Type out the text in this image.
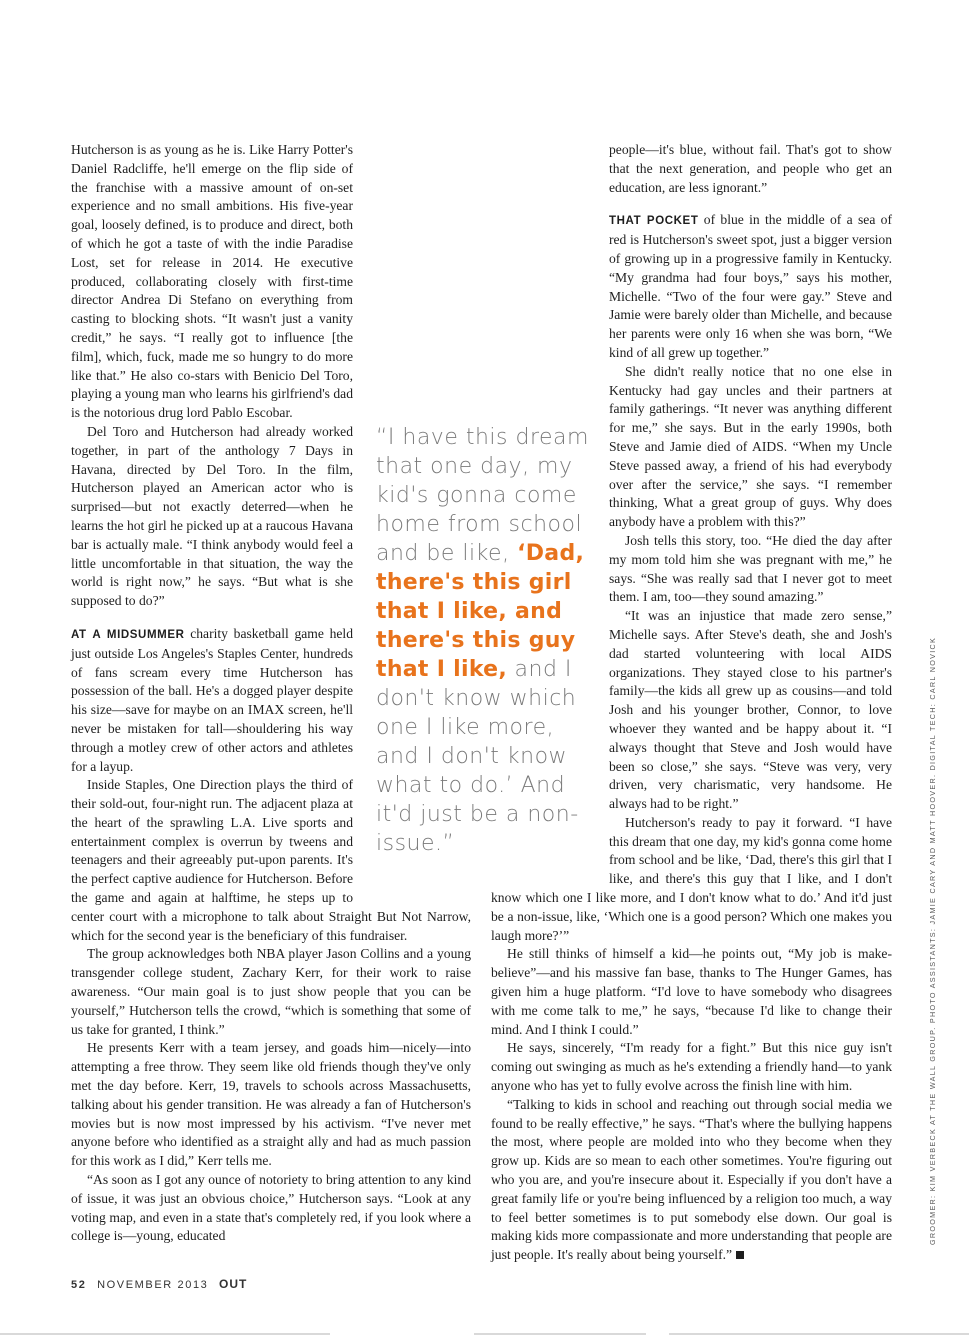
Hutcherson is as young as he is. Like Harry Potter's Daniel Radcliffe, he'll emerge on the flip side of the franchise with a massive amount of on-set experience and no small ambitions. His five-year goal, loosely defined, is to produce and direct, both of which he got a taste of with the indie Paradise Lost, set for release in 2014. He executive produced, collaborating closely with first-time director Andrea Di Stefano on everything from casting to blocking shots. “It wasn't just a vanity credit,” he says. “I really got to influence [the film], which, fuck, made me so hungry to do more like that.” He also co-stars with Benicio Del Toro, playing a young man who learns his girlfriend's dad is the notorious drug lord Pablo Escobar.

Del Toro and Hutcherson had already worked together, in part of the anthology 7 Days in Havana, directed by Del Toro. In the film, Hutcherson played an American actor who is surprised—but not exactly deterred—when he learns the hot girl he picked up at a raucous Havana bar is actually male. “I think anybody would feel a little uncomfortable in that situation, the way the world is right now,” he says. “But what is she supposed to do?”

AT A MIDSUMMER charity basketball game held just outside Los Angeles's Staples Center, hundreds of fans scream every time Hutcherson has possession of the ball. He's a dogged player despite his size—save for maybe on an IMAX screen, he'll never be mistaken for tall—shouldering his way through a motley crew of other actors and athletes for a layup.

Inside Staples, One Direction plays the third of their sold-out, four-night run. The adjacent plaza at the heart of the sprawling L.A. Live sports and entertainment complex is overrun by tweens and teenagers and their agreeably put-upon parents. It's the perfect captive audience for Hutcherson. Before the game and again at halftime, he steps up to center court with a microphone to talk about Straight But Not Narrow, which for the second year is the beneficiary of this fundraiser.

The group acknowledges both NBA player Jason Collins and a young transgender college student, Zachary Kerr, for their work to raise awareness. “Our main goal is to just show people that you can be yourself,” Hutcherson tells the crowd, “which is something that some of us take for granted, I think.”

He presents Kerr with a team jersey, and goads him—nicely—into attempting a free throw. They seem like old friends though they've only met the day before. Kerr, 19, travels to schools across Massachusetts, talking about his gender transition. He was already a fan of Hutcherson's movies but is now most impressed by his activism. “I've never met anyone before who identified as a straight ally and had as much passion for this work as I did,” Kerr tells me.

“As soon as I got any ounce of notoriety to bring attention to any kind of issue, it was just an obvious choice,” Hutcherson says. “Look at any voting map, and even in a state that's completely red, if you look where a college is—young, educated

people—it's blue, without fail. That's got to show that the next generation, and people who get an education, are less ignorant.”

THAT POCKET of blue in the middle of a sea of red is Hutcherson's sweet spot, just a bigger version of growing up in a progressive family in Kentucky. “My grandma had four boys,” says his mother, Michelle. “Two of the four were gay.” Steve and Jamie were barely older than Michelle, and because her parents were only 16 when she was born, “We kind of all grew up together.”

She didn't really notice that no one else in Kentucky had gay uncles and their partners at family gatherings. “It never was anything different for me,” she says. But in the early 1990s, both Steve and Jamie died of AIDS. “When my Uncle Steve passed away, a friend of his had everybody over after the service,” she says. “I remember thinking, What a great group of guys. Why does anybody have a problem with this?”

Josh tells this story, too. “He died the day after my mom told him she was pregnant with me,” he says. “She was really sad that I never got to meet them. I am, too—they sound amazing.”

“It was an injustice that made zero sense,” Michelle says. After Steve's death, she and Josh's dad started volunteering with local AIDS organizations. They stayed close to his partner's family—the kids all grew up as cousins—and told Josh and his younger brother, Connor, to love whoever they wanted and be happy about it. “I always thought that Steve and Josh would have been so close,” she says. “Steve was very, very driven, very charismatic, very handsome. He always had to be right.”

Hutcherson's ready to pay it forward. “I have this dream that one day, my kid's gonna come home from school and be like, ‘Dad, there's this girl that I like, and there's this guy that I like, and I don't know which one I like more, and I don't know what to do.’ And it'd just be a non-issue, like, ‘Which one is a good person? Which one makes you laugh more?’”

He still thinks of himself a kid—he points out, “My job is make-believe”—and his massive fan base, thanks to The Hunger Games, has given him a huge platform. “I'd love to have somebody who disagrees with me come talk to me,” he says, “because I'd like to change their mind. And I think I could.”

He says, sincerely, “I'm ready for a fight.” But this nice guy isn't coming out swinging as much as he's extending a friendly hand—to yank anyone who has yet to fully evolve across the finish line with him.

“Talking to kids in school and reaching out through social media we found to be really effective,” he says. “That's where the bullying happens the most, where people are molded into who they become when they grow up. Kids are so mean to each other sometimes. You're figuring out who you are, and you're insecure about it. Especially if you don't have a great family life or you're being influenced by a religion too much, a way to feel better sometimes is to put somebody else down. Our goal is making kids more compassionate and more understanding that people are just people. It's really about being yourself.”

“I have this dream that one day, my kid's gonna come home from school and be like, ‘Dad, there's this girl that I like, and there's this guy that I like, and I don't know which one I like more, and I don't know what to do.’ And it'd just be a non-issue.”
52 NOVEMBER 2013 OUT
GROOMER: KIM VERBECK AT THE WALL GROUP. PHOTO ASSISTANTS: JAMIE CARY AND MATT HOOVER. DIGITAL TECH: CARL NOVICK
